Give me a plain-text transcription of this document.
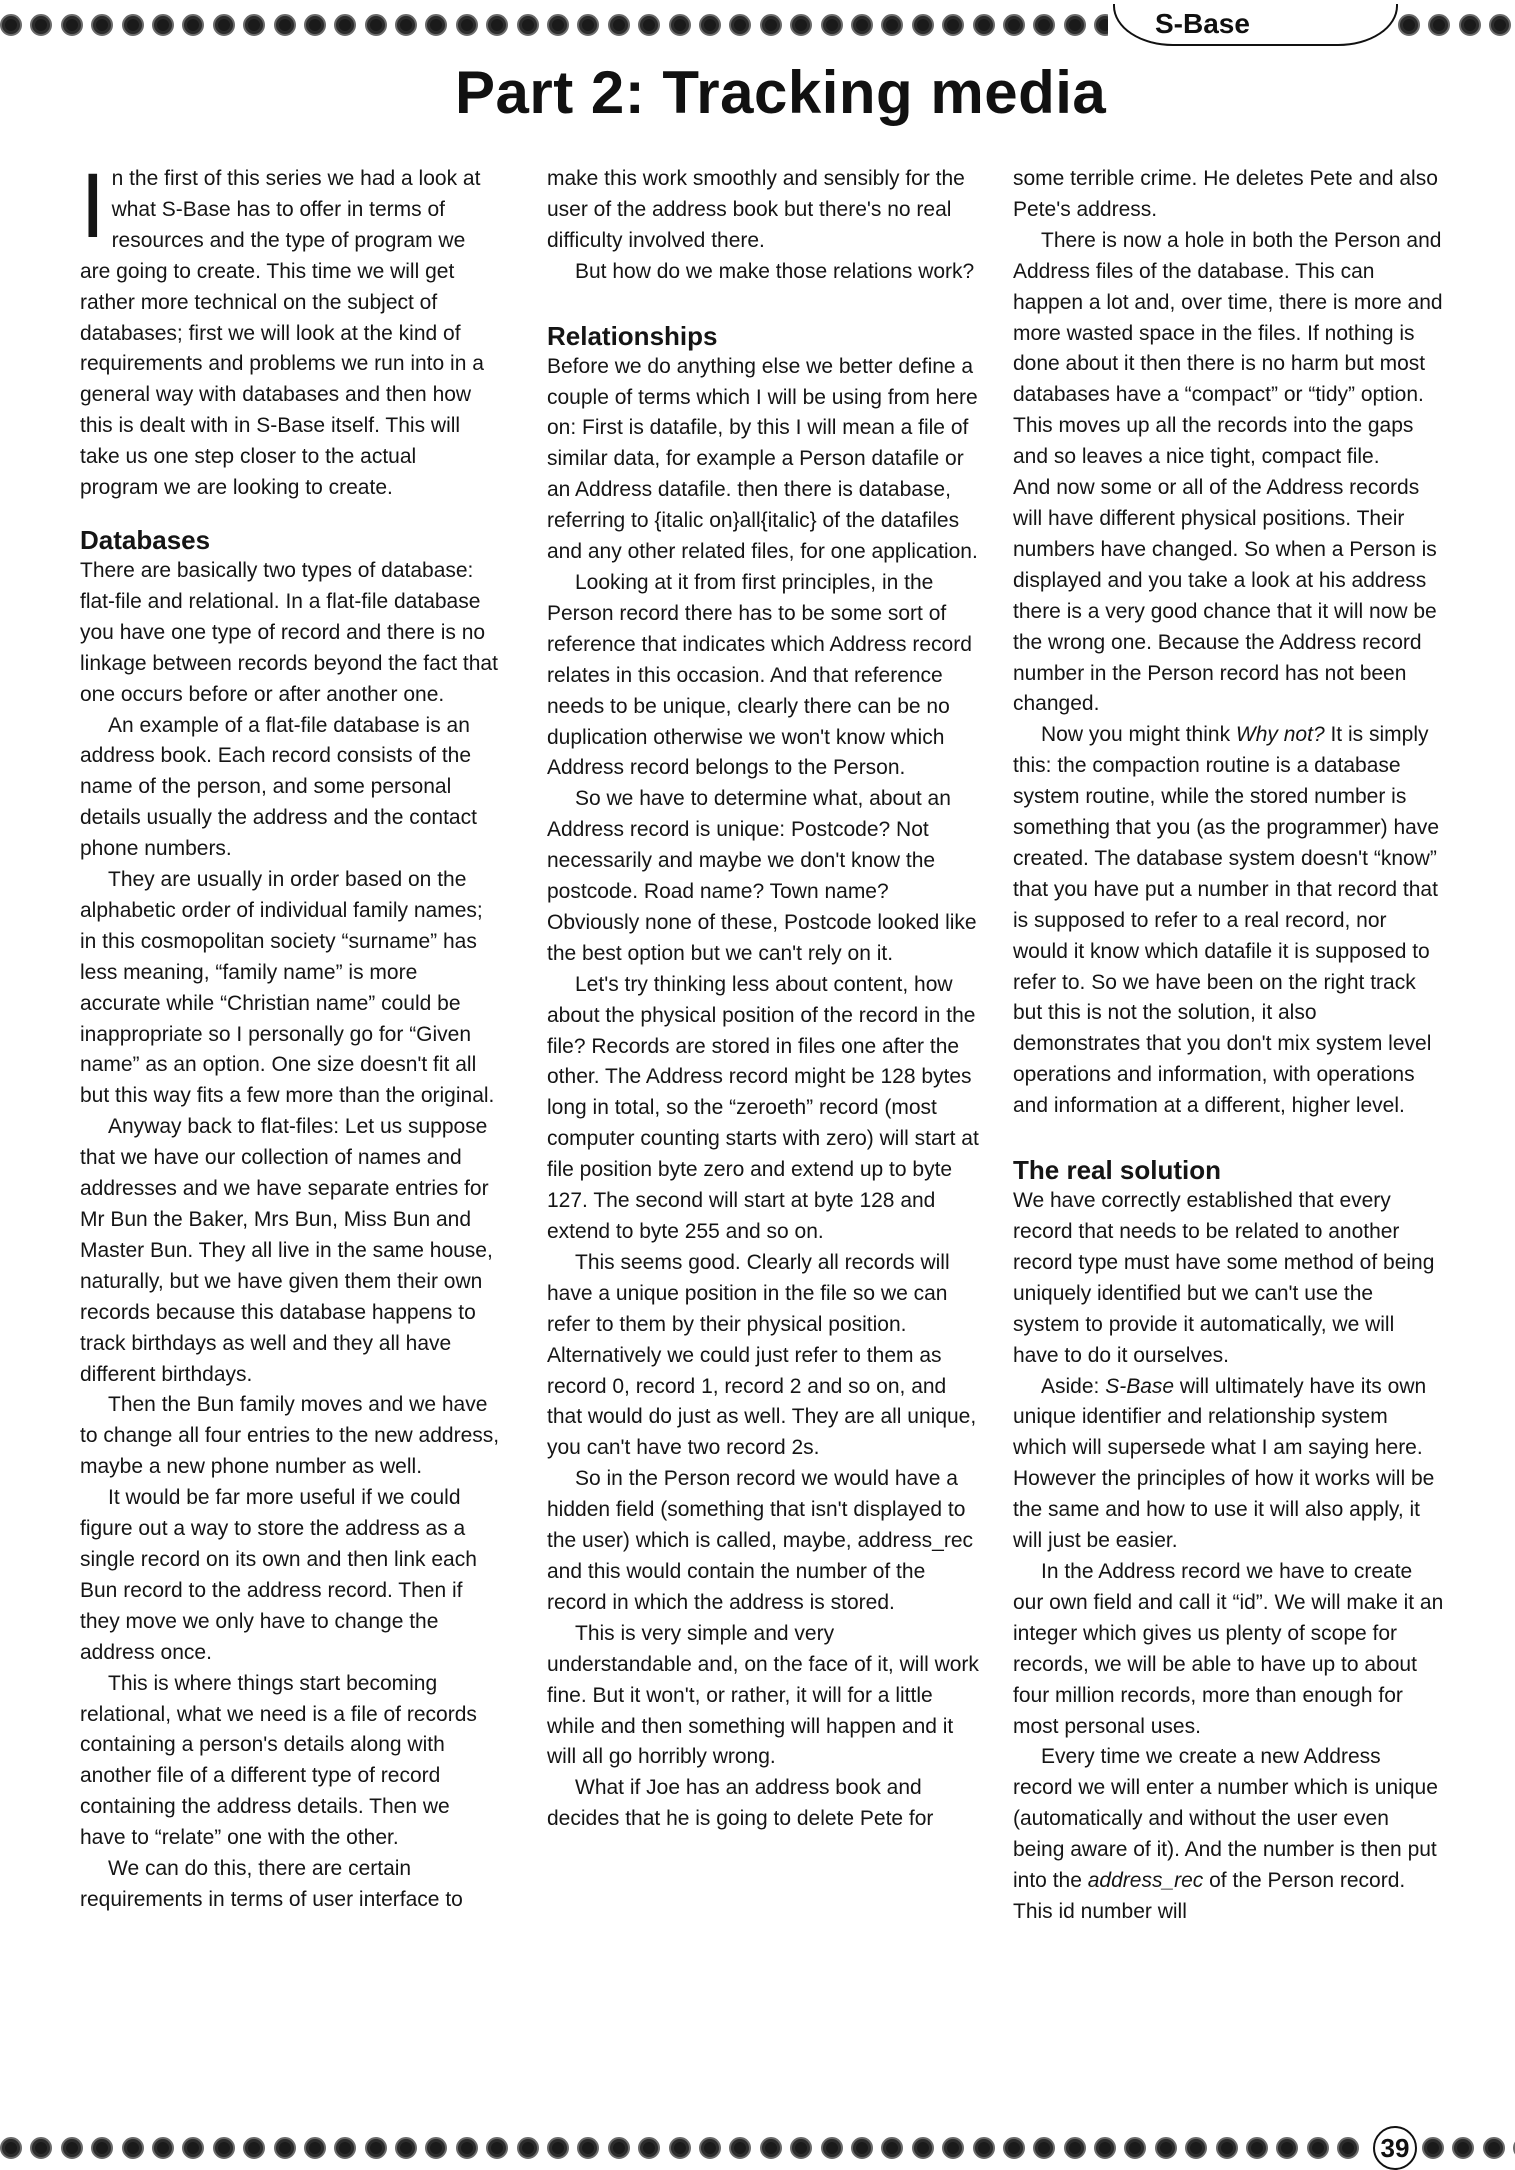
S-Base
Part 2: Tracking media

In the first of this series we had a look at what S-Base has to offer in terms of resources and the type of program we are going to create. This time we will get rather more technical on the subject of databases; first we will look at the kind of requirements and problems we run into in a general way with databases and then how this is dealt with in S-Base itself. This will take us one step closer to the actual program we are looking to create.

Databases

There are basically two types of database: flat-file and relational. In a flat-file database you have one type of record and there is no linkage between records beyond the fact that one occurs before or after another one.

An example of a flat-file database is an address book. Each record consists of the name of the person, and some personal details usually the address and the contact phone numbers.

They are usually in order based on the alphabetic order of individual family names; in this cosmopolitan society “surname” has less meaning, “family name” is more accurate while “Christian name” could be inappropriate so I personally go for “Given name” as an option. One size doesn't fit all but this way fits a few more than the original.

Anyway back to flat-files: Let us suppose that we have our collection of names and addresses and we have separate entries for Mr Bun the Baker, Mrs Bun, Miss Bun and Master Bun. They all live in the same house, naturally, but we have given them their own records because this database happens to track birthdays as well and they all have different birthdays.

Then the Bun family moves and we have to change all four entries to the new address, maybe a new phone number as well.

It would be far more useful if we could figure out a way to store the address as a single record on its own and then link each Bun record to the address record. Then if they move we only have to change the address once.

This is where things start becoming relational, what we need is a file of records containing a person's details along with another file of a different type of record containing the address details. Then we have to “relate” one with the other.

We can do this, there are certain requirements in terms of user interface to

make this work smoothly and sensibly for the user of the address book but there's no real difficulty involved there.

But how do we make those relations work?

Relationships

Before we do anything else we better define a couple of terms which I will be using from here on: First is datafile, by this I will mean a file of similar data, for example a Person datafile or an Address datafile. then there is database, referring to {italic on}all{italic} of the datafiles and any other related files, for one application.

Looking at it from first principles, in the Person record there has to be some sort of reference that indicates which Address record relates in this occasion. And that reference needs to be unique, clearly there can be no duplication otherwise we won't know which Address record belongs to the Person.

So we have to determine what, about an Address record is unique: Postcode? Not necessarily and maybe we don't know the postcode. Road name? Town name? Obviously none of these, Postcode looked like the best option but we can't rely on it.

Let's try thinking less about content, how about the physical position of the record in the file? Records are stored in files one after the other. The Address record might be 128 bytes long in total, so the “zeroeth” record (most computer counting starts with zero) will start at file position byte zero and extend up to byte 127. The second will start at byte 128 and extend to byte 255 and so on.

This seems good. Clearly all records will have a unique position in the file so we can refer to them by their physical position. Alternatively we could just refer to them as record 0, record 1, record 2 and so on, and that would do just as well. They are all unique, you can't have two record 2s.

So in the Person record we would have a hidden field (something that isn't displayed to the user) which is called, maybe, address_rec and this would contain the number of the record in which the address is stored.

This is very simple and very understandable and, on the face of it, will work fine. But it won't, or rather, it will for a little while and then something will happen and it will all go horribly wrong.

What if Joe has an address book and decides that he is going to delete Pete for

some terrible crime. He deletes Pete and also Pete's address.

There is now a hole in both the Person and Address files of the database. This can happen a lot and, over time, there is more and more wasted space in the files. If nothing is done about it then there is no harm but most databases have a “compact” or “tidy” option. This moves up all the records into the gaps and so leaves a nice tight, compact file.

And now some or all of the Address records will have different physical positions. Their numbers have changed. So when a Person is displayed and you take a look at his address there is a very good chance that it will now be the wrong one. Because the Address record number in the Person record has not been changed.

Now you might think Why not? It is simply this: the compaction routine is a database system routine, while the stored number is something that you (as the programmer) have created. The database system doesn't “know” that you have put a number in that record that is supposed to refer to a real record, nor would it know which datafile it is supposed to refer to. So we have been on the right track but this is not the solution, it also demonstrates that you don't mix system level operations and information, with operations and information at a different, higher level.

The real solution

We have correctly established that every record that needs to be related to another record type must have some method of being uniquely identified but we can't use the system to provide it automatically, we will have to do it ourselves.

Aside: S-Base will ultimately have its own unique identifier and relationship system which will supersede what I am saying here. However the principles of how it works will be the same and how to use it will also apply, it will just be easier.

In the Address record we have to create our own field and call it “id”. We will make it an integer which gives us plenty of scope for records, we will be able to have up to about four million records, more than enough for most personal uses.

Every time we create a new Address record we will enter a number which is unique (automatically and without the user even being aware of it). And the number is then put into the address_rec of the Person record. This id number will

39
